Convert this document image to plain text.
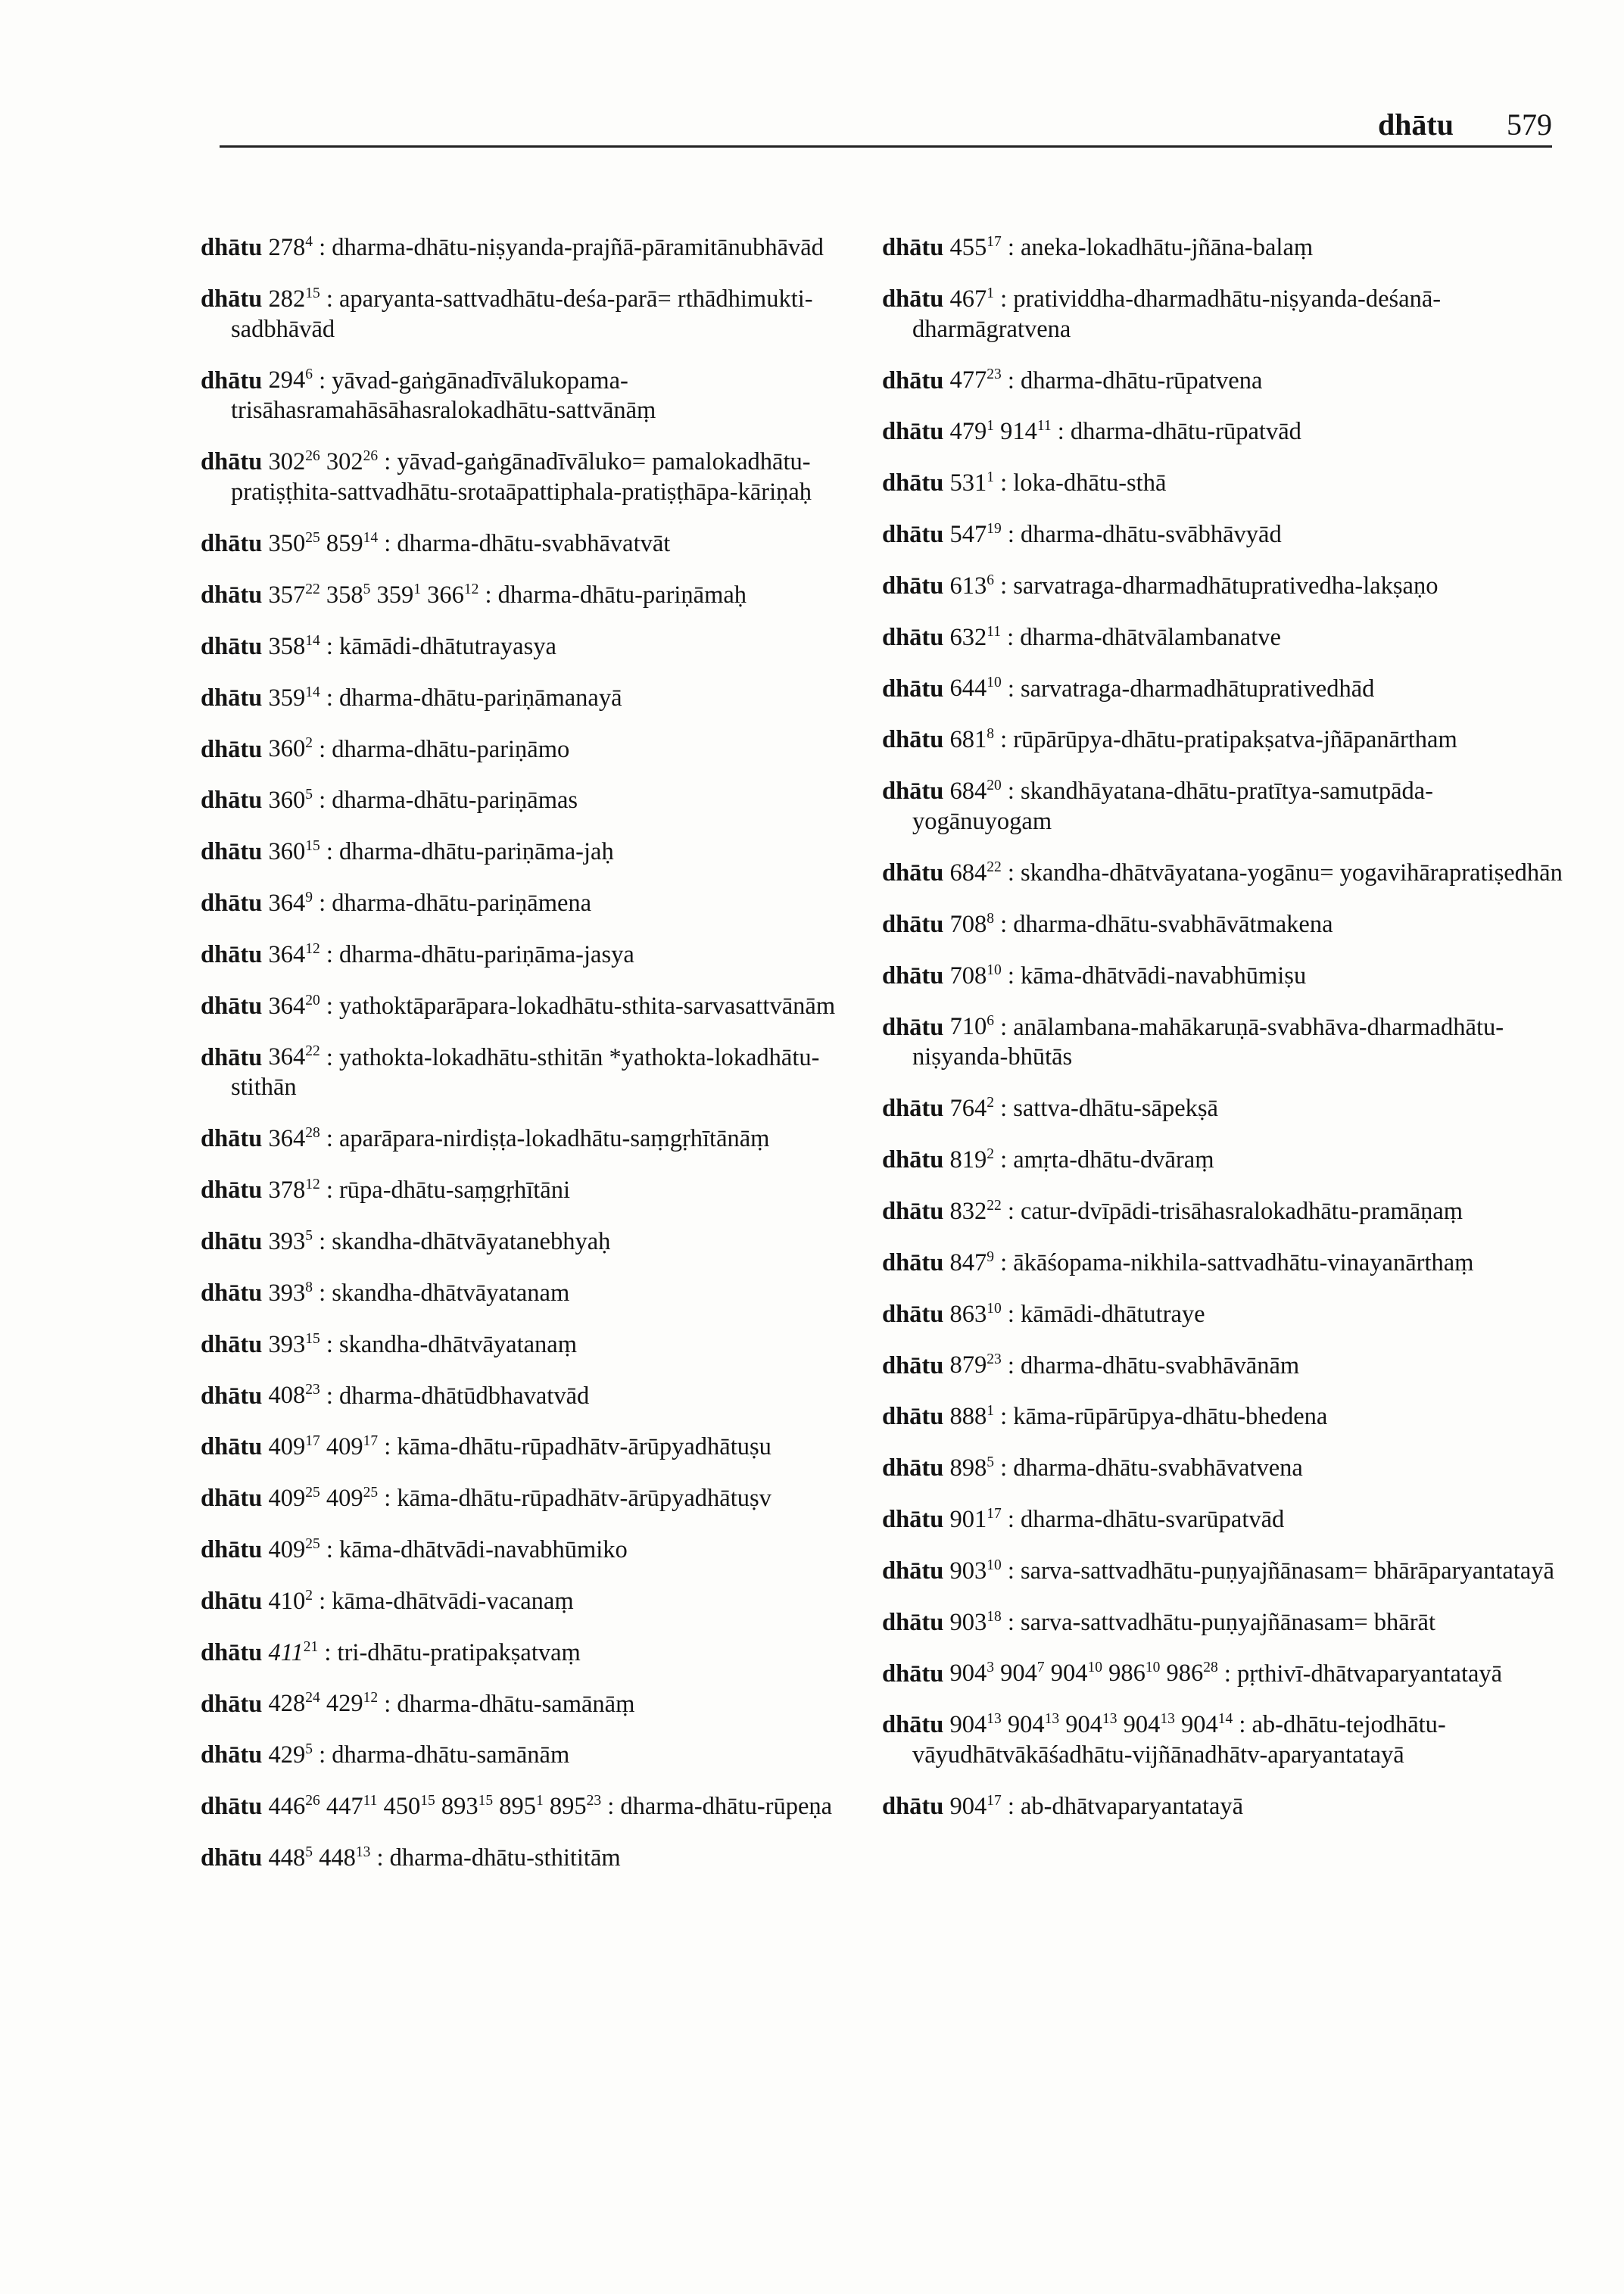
dhātu 579

dhātu $278^4$ : dharma-dhātu-niṣyanda-prajñā-pāramitānubhāvād

dhātu $282^{15}$ : aparyanta-sattvadhātu-deśa-parā= rthādhimukti-sadbhāvād

dhātu $294^6$ : yāvad-gaṅgānadīvālukopama-trisāhasramahāsāhasralokadhātu-sattvānāṃ

dhātu $302^{26}$ $302^{26}$ : yāvad-gaṅgānadīvāluko= pamalokadhātu-pratiṣṭhita-sattvadhātu-srotaāpattiphala-pratiṣṭhāpa-kāriṇaḥ

dhātu $350^{25}$ $859^{14}$ : dharma-dhātu-svabhāvatvāt

dhātu $357^{22}$ $358^5$ $359^1$ $366^{12}$ : dharma-dhātu-pariṇāmaḥ

dhātu $358^{14}$ : kāmādi-dhātutrayasya

dhātu $359^{14}$ : dharma-dhātu-pariṇāmanayā

dhātu $360^2$ : dharma-dhātu-pariṇāmo

dhātu $360^5$ : dharma-dhātu-pariṇāmas

dhātu $360^{15}$ : dharma-dhātu-pariṇāma-jaḥ

dhātu $364^9$ : dharma-dhātu-pariṇāmena

dhātu $364^{12}$ : dharma-dhātu-pariṇāma-jasya

dhātu $364^{20}$ : yathoktāparāpara-lokadhātu-sthita-sarvasattvānām

dhātu $364^{22}$ : yathokta-lokadhātu-sthitān *yathokta-lokadhātu-stithān

dhātu $364^{28}$ : aparāpara-nirdiṣṭa-lokadhātu-saṃgṛhītānāṃ

dhātu $378^{12}$ : rūpa-dhātu-saṃgṛhītāni

dhātu $393^5$ : skandha-dhātvāyatanebhyaḥ

dhātu $393^8$ : skandha-dhātvāyatanam

dhātu $393^{15}$ : skandha-dhātvāyatanaṃ

dhātu $408^{23}$ : dharma-dhātūdbhavatvād

dhātu $409^{17}$ $409^{17}$ : kāma-dhātu-rūpadhātv-ārūpyadhātuṣu

dhātu $409^{25}$ $409^{25}$ : kāma-dhātu-rūpadhātv-ārūpyadhātuṣv

dhātu $409^{25}$ : kāma-dhātvādi-navabhūmiko

dhātu $410^2$ : kāma-dhātvādi-vacanaṃ

dhātu $411^{21}$ : tri-dhātu-pratipakṣatvaṃ

dhātu $428^{24}$ $429^{12}$ : dharma-dhātu-samānāṃ

dhātu $429^5$ : dharma-dhātu-samānām

dhātu $446^{26}$ $447^{11}$ $450^{15}$ $893^{15}$ $895^1$ $895^{23}$ : dharma-dhātu-rūpeṇa

dhātu $448^5$ $448^{13}$ : dharma-dhātu-sthititām

dhātu $455^{17}$ : aneka-lokadhātu-jñāna-balaṃ

dhātu $467^1$ : pratividdha-dharmadhātu-niṣyanda-deśanā-dharmāgratvena

dhātu $477^{23}$ : dharma-dhātu-rūpatvena

dhātu $479^1$ $914^{11}$ : dharma-dhātu-rūpatvād

dhātu $531^1$ : loka-dhātu-sthā

dhātu $547^{19}$ : dharma-dhātu-svābhāvyād

dhātu $613^6$ : sarvatraga-dharmadhātuprativedha-lakṣaṇo

dhātu $632^{11}$ : dharma-dhātvālambanatve

dhātu $644^{10}$ : sarvatraga-dharmadhātuprativedhād

dhātu $681^8$ : rūpārūpya-dhātu-pratipakṣatva-jñāpanārtham

dhātu $684^{20}$ : skandhāyatana-dhātu-pratītya-samutpāda-yogānuyogam

dhātu $684^{22}$ : skandha-dhātvāyatana-yogānu= yogavihārapratiṣedhān

dhātu $708^8$ : dharma-dhātu-svabhāvātmakena

dhātu $708^{10}$ : kāma-dhātvādi-navabhūmiṣu

dhātu $710^6$ : anālambana-mahākaruṇā-svabhāva-dharmadhātu-niṣyanda-bhūtās

dhātu $764^2$ : sattva-dhātu-sāpekṣā

dhātu $819^2$ : amṛta-dhātu-dvāraṃ

dhātu $832^{22}$ : catur-dvīpādi-trisāhasralokadhātu-pramāṇaṃ

dhātu $847^9$ : ākāśopama-nikhila-sattvadhātu-vinayanārthaṃ

dhātu $863^{10}$ : kāmādi-dhātutraye

dhātu $879^{23}$ : dharma-dhātu-svabhāvānām

dhātu $888^1$ : kāma-rūpārūpya-dhātu-bhedena

dhātu $898^5$ : dharma-dhātu-svabhāvatvena

dhātu $901^{17}$ : dharma-dhātu-svarūpatvād

dhātu $903^{10}$ : sarva-sattvadhātu-puṇyajñānasam= bhārāparyantatayā

dhātu $903^{18}$ : sarva-sattvadhātu-puṇyajñānasam= bhārāt

dhātu $904^3$ $904^7$ $904^{10}$ $986^{10}$ $986^{28}$ : pṛthivī-dhātvaparyantatayā

dhātu $904^{13}$ $904^{13}$ $904^{13}$ $904^{13}$ $904^{14}$ : ab-dhātu-tejodhātu-vāyudhātvākāśadhātu-vijñānadhātv-aparyantatayā

dhātu $904^{17}$ : ab-dhātvaparyantatayā
